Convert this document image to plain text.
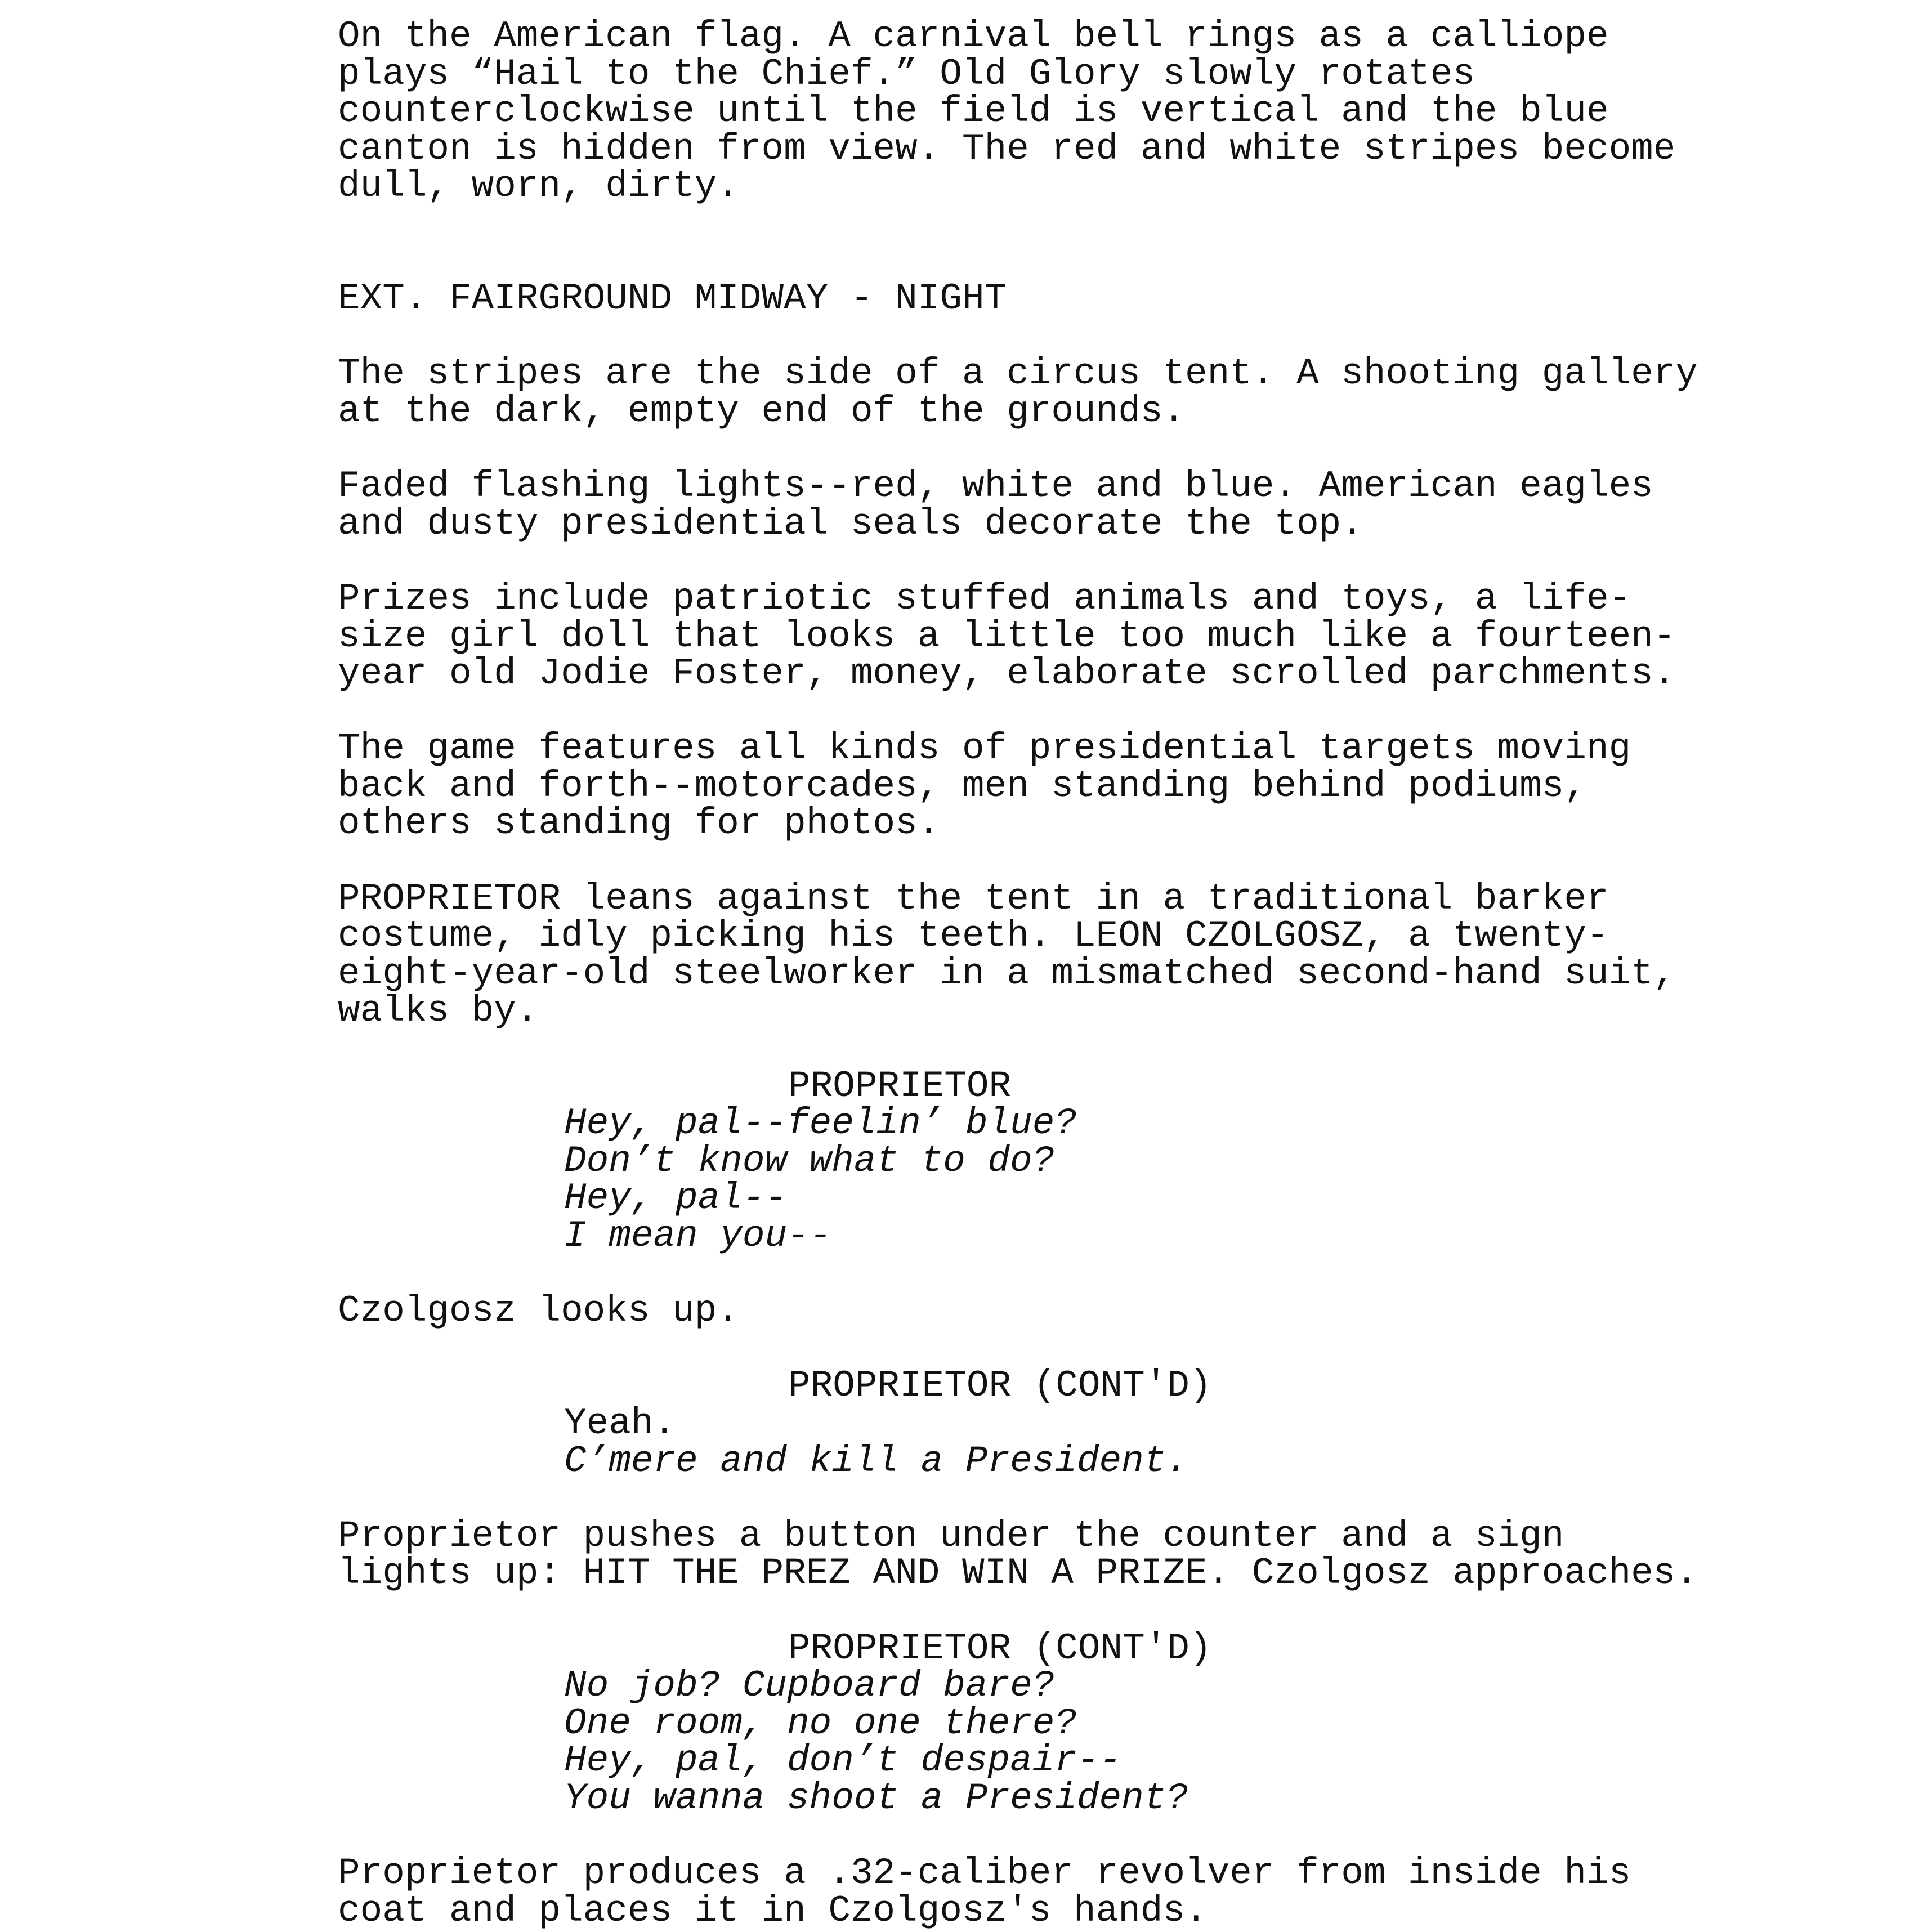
On the American flag. A carnival bell rings as a calliope
plays “Hail to the Chief.” Old Glory slowly rotates
counterclockwise until the field is vertical and the blue
canton is hidden from view. The red and white stripes become
dull, worn, dirty.
EXT. FAIRGROUND MIDWAY - NIGHT
The stripes are the side of a circus tent. A shooting gallery
at the dark, empty end of the grounds.
Faded flashing lights--red, white and blue. American eagles
and dusty presidential seals decorate the top.
Prizes include patriotic stuffed animals and toys, a life-
size girl doll that looks a little too much like a fourteen-
year old Jodie Foster, money, elaborate scrolled parchments.
The game features all kinds of presidential targets moving
back and forth--motorcades, men standing behind podiums,
others standing for photos.
PROPRIETOR leans against the tent in a traditional barker
costume, idly picking his teeth. LEON CZOLGOSZ, a twenty-
eight-year-old steelworker in a mismatched second-hand suit,
walks by.
PROPRIETOR
Hey, pal--feelin’ blue?
Don’t know what to do?
Hey, pal--
I mean you--
Czolgosz looks up.
PROPRIETOR (CONT'D)
Yeah.
C’mere and kill a President.
Proprietor pushes a button under the counter and a sign
lights up: HIT THE PREZ AND WIN A PRIZE. Czolgosz approaches.
PROPRIETOR (CONT'D)
No job? Cupboard bare?
One room, no one there?
Hey, pal, don’t despair--
You wanna shoot a President?
Proprietor produces a .32-caliber revolver from inside his
coat and places it in Czolgosz's hands.
